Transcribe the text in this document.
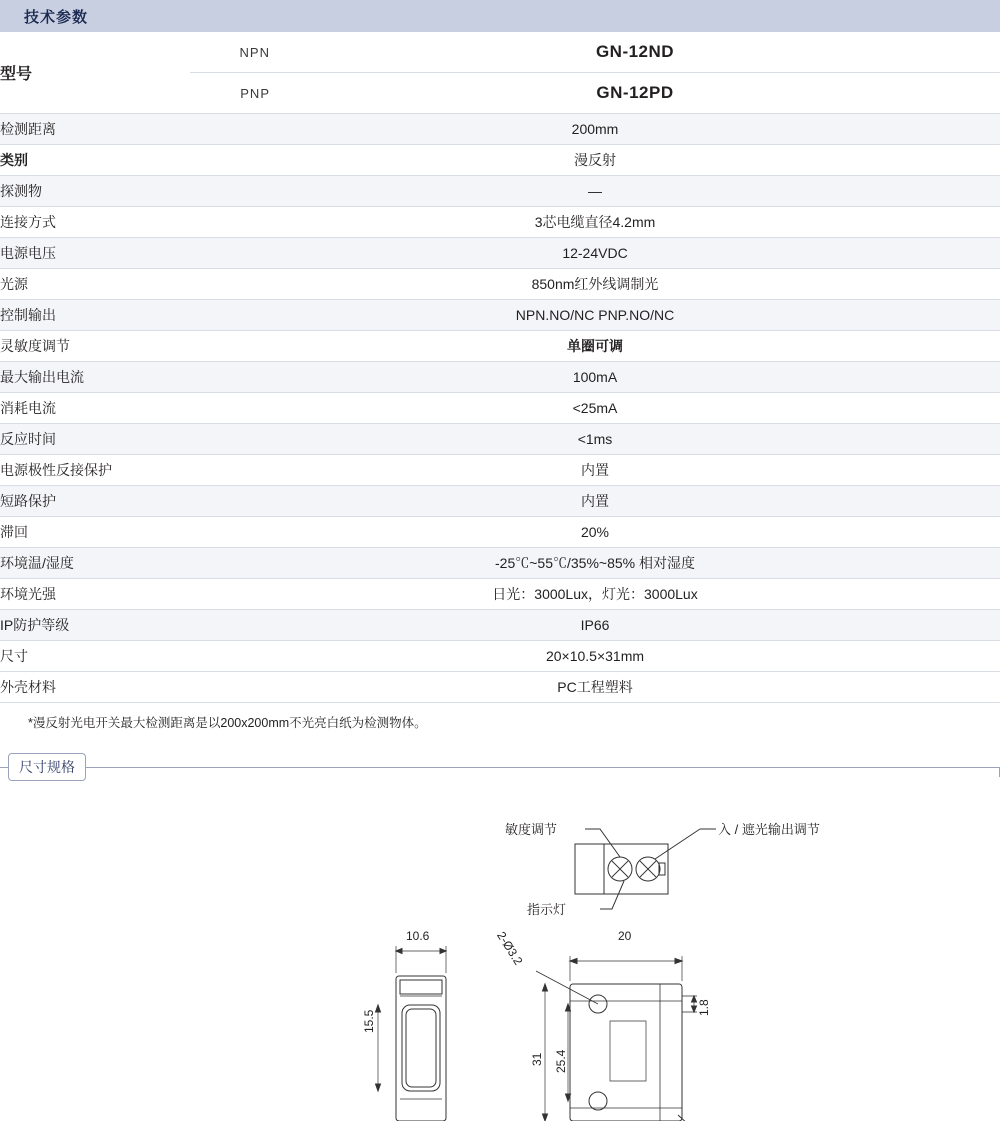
技术参数
型号	NPN	GN-12ND
	PNP	GN-12PD
检测距离	200mm	
类别	漫反射	
探测物	—	
连接方式	3芯电缆直径4.2mm	
电源电压	12-24VDC	
光源	850nm红外线调制光	
控制输出	NPN.NO/NC PNP.NO/NC	
灵敏度调节	单圈可调	
最大输出电流	100mA	
消耗电流	<25mA	
反应时间	<1ms	
电源极性反接保护	内置	
短路保护	内置	
滞回	20%	
环境温/湿度	-25℃~55℃/35%~85% 相对湿度	
环境光强	日光：3000Lux，灯光：3000Lux	
IP防护等级	IP66	
尺寸	20×10.5×31mm	
外壳材料	PC工程塑料	
*漫反射光电开关最大检测距离是以200x200mm不光亮白纸为检测物体。
尺寸规格
敏度调节	入 / 遮光输出调节
指示灯
10.6
15.5
20
31 25.4
1.8
2-Ø3.2
